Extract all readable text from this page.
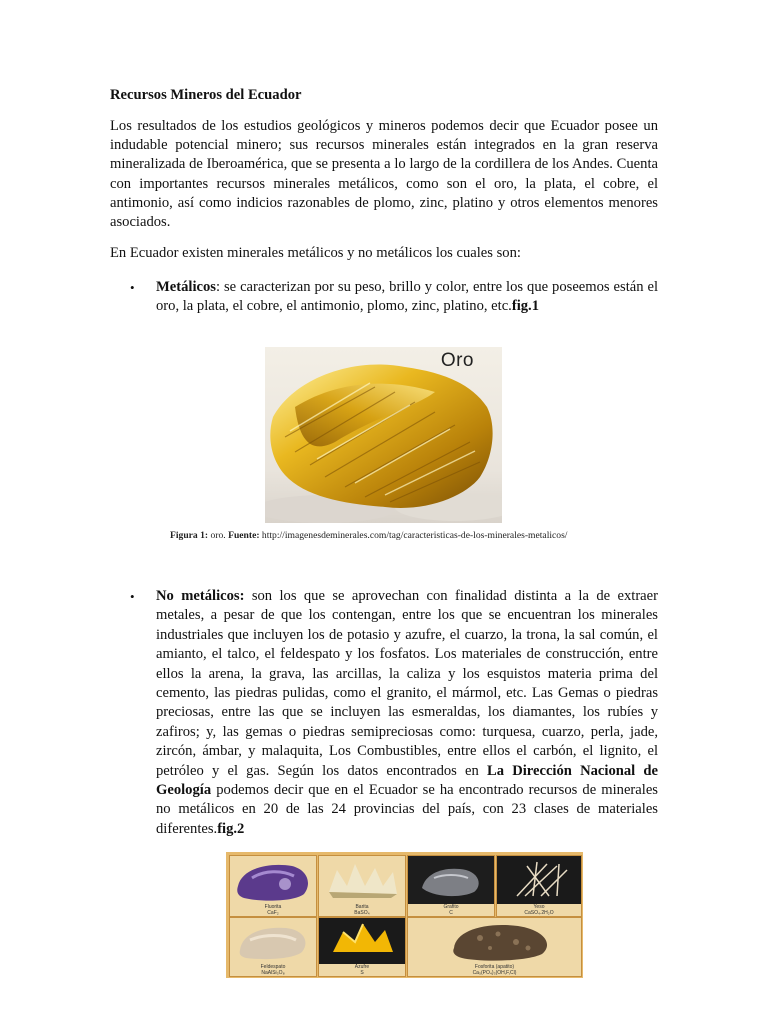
Recursos Mineros del Ecuador

Los resultados de los estudios geológicos y mineros podemos decir que Ecuador posee un indudable potencial minero; sus recursos minerales están integrados en la gran reserva mineralizada de Iberoamérica, que se presenta a lo largo de la cordillera de los Andes. Cuenta con importantes recursos minerales metálicos, como son el oro, la plata, el cobre, el antimonio, así como indicios razonables de plomo, zinc, platino y otros elementos menores asociados.

En Ecuador existen minerales metálicos y no metálicos los cuales son:

• Metálicos: se caracterizan por su peso, brillo y color, entre los que poseemos están el oro, la plata, el cobre, el antimonio, plomo, zinc, platino, etc.fig.1

Oro
Figura 1: oro. Fuente: http://imagenesdeminerales.com/tag/caracteristicas-de-los-minerales-metalicos/
• No metálicos: son los que se aprovechan con finalidad distinta a la de extraer metales, a pesar de que los contengan, entre los que se encuentran los minerales industriales que incluyen los de potasio y azufre, el cuarzo, la trona, la sal común, el amianto, el talco, el feldespato y los fosfatos. Los materiales de construcción, entre ellos la arena, la grava, las arcillas, la caliza y los esquistos materia prima del cemento, las piedras pulidas, como el granito, el mármol, etc. Las Gemas o piedras preciosas, entre las que se incluyen las esmeraldas, los diamantes, los rubíes y zafiros; y, las gemas o piedras semipreciosas como: turquesa, cuarzo, perla, jade, zircón, ámbar, y malaquita, Los Combustibles, entre ellos el carbón, el lignito, el petróleo y el gas. Según los datos encontrados en La Dirección Nacional de Geología podemos decir que en el Ecuador se ha encontrado recursos de minerales no metálicos en 20 de las 24 provincias del país, con 23 clases de materiales diferentes.fig.2

Fluorita
CaF₂
Barita
BaSO₄
Grafito
C
Yeso
CaSO₄.2H₂O
Feldespato
NaAlSi₃O₈
Azufre
S
Fosforita (apatito)
Ca₅(PO₄)₃(OH,F,Cl)
